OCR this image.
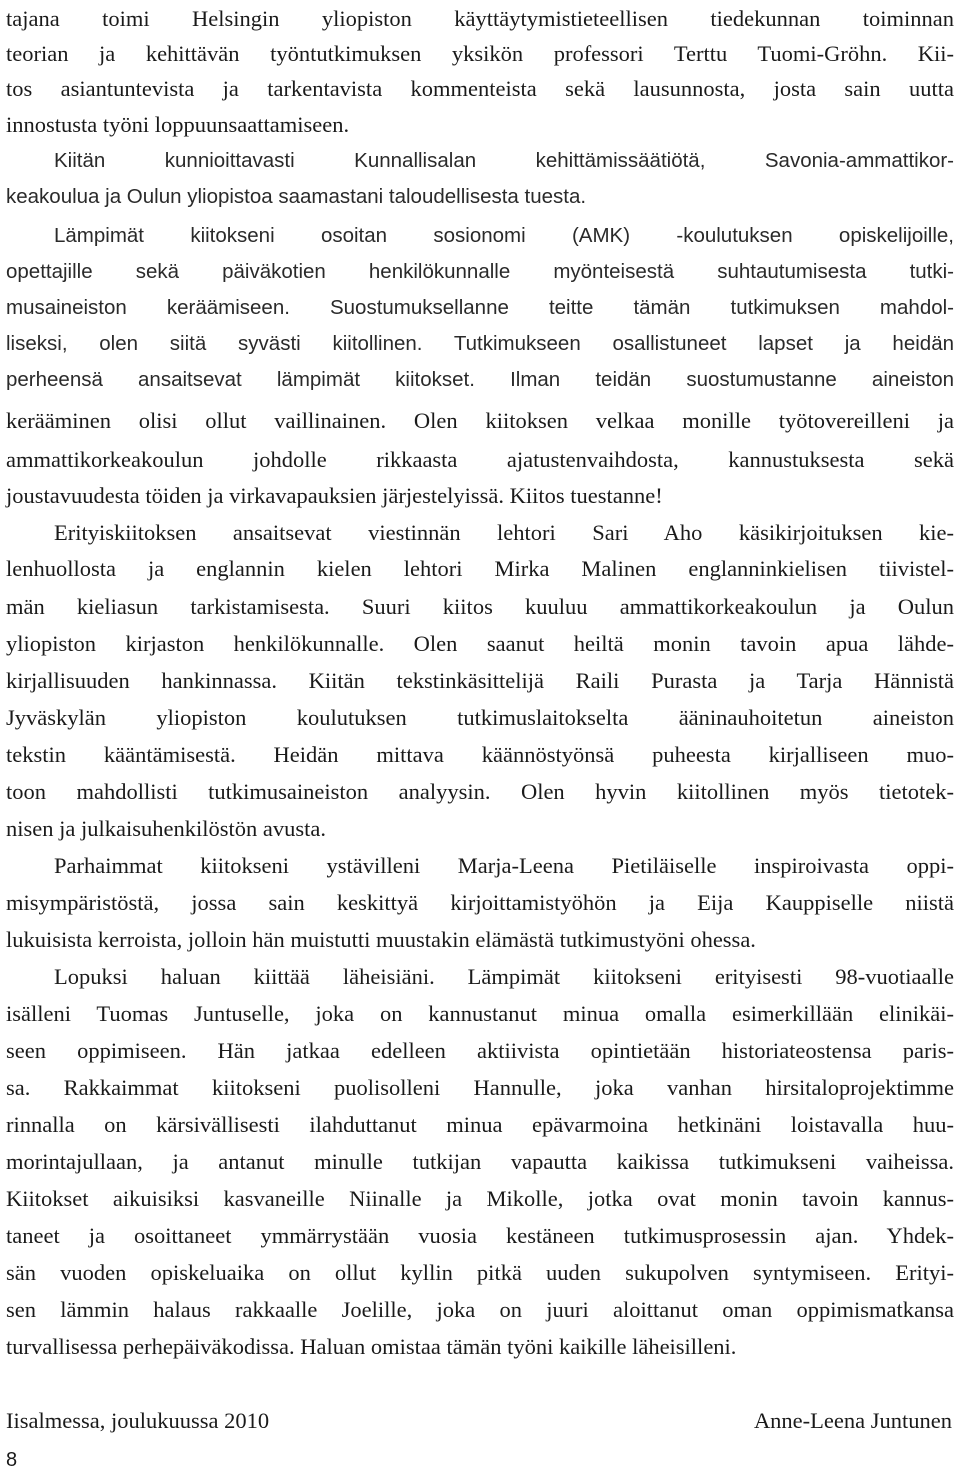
tajana toimi Helsingin yliopiston käyttäytymistieteellisen tiedekunnan toiminnan
teorian ja kehittävän työntutkimuksen yksikön professori Terttu Tuomi-Gröhn. Kii-
tos asiantuntevista ja tarkentavista kommenteista sekä lausunnosta, josta sain uutta
innostusta työni loppuunsaattamiseen.
Kiitän kunnioittavasti Kunnallisalan kehittämissäätiötä, Savonia-ammattikor-
keakoulua ja Oulun yliopistoa saamastani taloudellisesta tuesta.
Lämpimät kiitokseni osoitan sosionomi (AMK) -koulutuksen opiskelijoille,
opettajille sekä päiväkotien henkilökunnalle myönteisestä suhtautumisesta tutki-
musaineiston keräämiseen. Suostumuksellanne teitte tämän tutkimuksen mahdol-
liseksi, olen siitä syvästi kiitollinen. Tutkimukseen osallistuneet lapset ja heidän
perheensä ansaitsevat lämpimät kiitokset. Ilman teidän suostumustanne aineiston
kerääminen olisi ollut vaillinainen. Olen kiitoksen velkaa monille työtovereilleni ja
ammattikorkeakoulun johdolle rikkaasta ajatustenvaihdosta, kannustuksesta sekä
joustavuudesta töiden ja virkavapauksien järjestelyissä. Kiitos tuestanne!
Erityiskiitoksen ansaitsevat viestinnän lehtori Sari Aho käsikirjoituksen kie-
lenhuollosta ja englannin kielen lehtori Mirka Malinen englanninkielisen tiivistel-
män kieliasun tarkistamisesta. Suuri kiitos kuuluu ammattikorkeakoulun ja Oulun
yliopiston kirjaston henkilökunnalle. Olen saanut heiltä monin tavoin apua lähde-
kirjallisuuden hankinnassa. Kiitän tekstinkäsittelijä Raili Purasta ja Tarja Hännistä
Jyväskylän yliopiston koulutuksen tutkimuslaitokselta ääninauhoitetun aineiston
tekstin kääntämisestä. Heidän mittava käännöstyönsä puheesta kirjalliseen muo-
toon mahdollisti tutkimusaineiston analyysin. Olen hyvin kiitollinen myös tietotek-
nisen ja julkaisuhenkilöstön avusta.
Parhaimmat kiitokseni ystävilleni Marja-Leena Pietiläiselle inspiroivasta oppi-
misympäristöstä, jossa sain keskittyä kirjoittamistyöhön ja Eija Kauppiselle niistä
lukuisista kerroista, jolloin hän muistutti muustakin elämästä tutkimustyöni ohessa.
Lopuksi haluan kiittää läheisiäni. Lämpimät kiitokseni erityisesti 98-vuotiaalle
isälleni Tuomas Juntuselle, joka on kannustanut minua omalla esimerkillään elinikäi-
seen oppimiseen. Hän jatkaa edelleen aktiivista opintietään historiateostensa paris-
sa. Rakkaimmat kiitokseni puolisolleni Hannulle, joka vanhan hirsitaloprojektimme
rinnalla on kärsivällisesti ilahduttanut minua epävarmoina hetkinäni loistavalla huu-
morintajullaan, ja antanut minulle tutkijan vapautta kaikissa tutkimukseni vaiheissa.
Kiitokset aikuisiksi kasvaneille Niinalle ja Mikolle, jotka ovat monin tavoin kannus-
taneet ja osoittaneet ymmärrystään vuosia kestäneen tutkimusprosessin ajan. Yhdek-
sän vuoden opiskeluaika on ollut kyllin pitkä uuden sukupolven syntymiseen. Erityi-
sen lämmin halaus rakkaalle Joelille, joka on juuri aloittanut oman oppimismatkansa
turvallisessa perhepäiväkodissa. Haluan omistaa tämän työni kaikille läheisilleni.
Iisalmessa, joulukuussa 2010	Anne-Leena Juntunen
8
